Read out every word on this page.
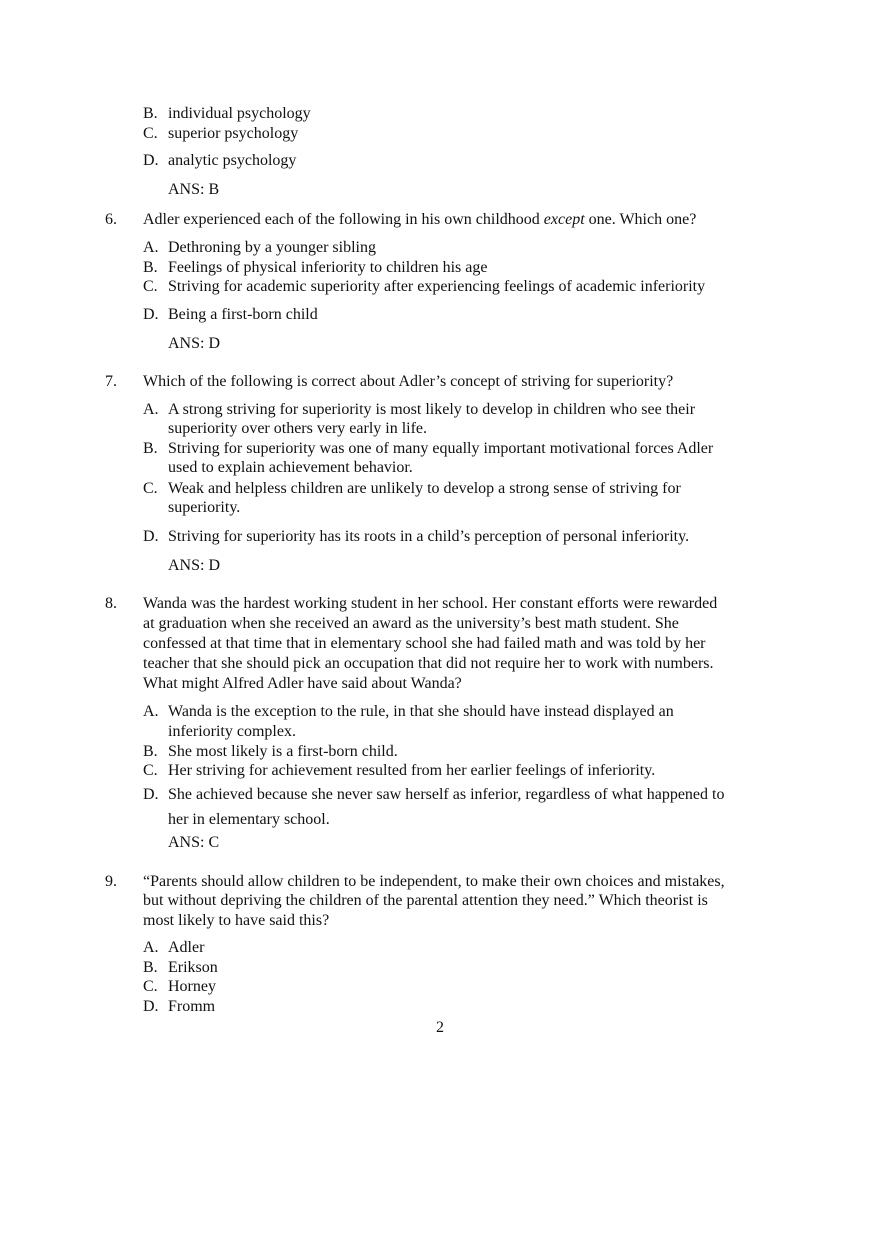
B. individual psychology
C. superior psychology
D. analytic psychology
ANS: B
6. Adler experienced each of the following in his own childhood except one. Which one?
A. Dethroning by a younger sibling
B. Feelings of physical inferiority to children his age
C. Striving for academic superiority after experiencing feelings of academic inferiority
D. Being a first-born child
ANS: D
7. Which of the following is correct about Adler’s concept of striving for superiority?
A. A strong striving for superiority is most likely to develop in children who see their
superiority over others very early in life.
B. Striving for superiority was one of many equally important motivational forces Adler
used to explain achievement behavior.
C. Weak and helpless children are unlikely to develop a strong sense of striving for
superiority.
D. Striving for superiority has its roots in a child’s perception of personal inferiority.
ANS: D
8. Wanda was the hardest working student in her school. Her constant efforts were rewarded
at graduation when she received an award as the university’s best math student. She
confessed at that time that in elementary school she had failed math and was told by her
teacher that she should pick an occupation that did not require her to work with numbers.
What might Alfred Adler have said about Wanda?
A. Wanda is the exception to the rule, in that she should have instead displayed an
inferiority complex.
B. She most likely is a first-born child.
C. Her striving for achievement resulted from her earlier feelings of inferiority.
D. She achieved because she never saw herself as inferior, regardless of what happened to
her in elementary school.
ANS: C
9. “Parents should allow children to be independent, to make their own choices and mistakes,
but without depriving the children of the parental attention they need.” Which theorist is
most likely to have said this?
A. Adler
B. Erikson
C. Horney
D. Fromm
2
